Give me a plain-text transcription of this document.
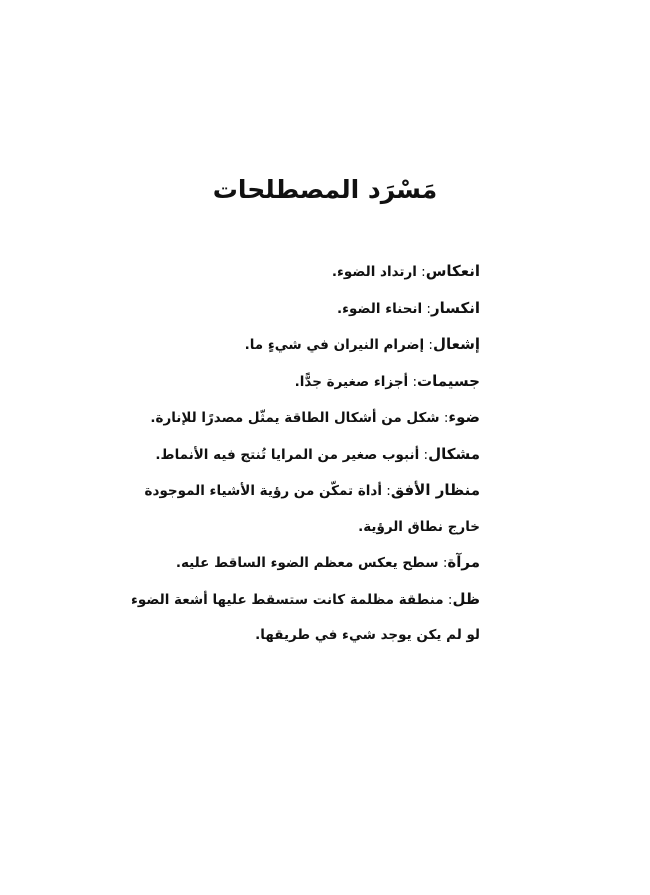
مَسْرَد المصطلحات

انعكاس: ارتداد الضوء.

انكسار: انحناء الضوء.

إشعال: إضرام النيران في شيءٍ ما.

جسيمات: أجزاء صغيرة جدًّا.

ضوء: شكل من أشكال الطاقة يمثّل مصدرًا للإنارة.

مشكال: أنبوب صغير من المرايا تُنتج فيه الأنماط.

منظار الأفق: أداة تمكّن من رؤية الأشياء الموجودة خارج نطاق الرؤية.

مرآة: سطح يعكس معظم الضوء الساقط عليه.

ظل: منطقة مظلمة كانت ستسقط عليها أشعة الضوء لو لم يكن يوجد شيء في طريقها.
